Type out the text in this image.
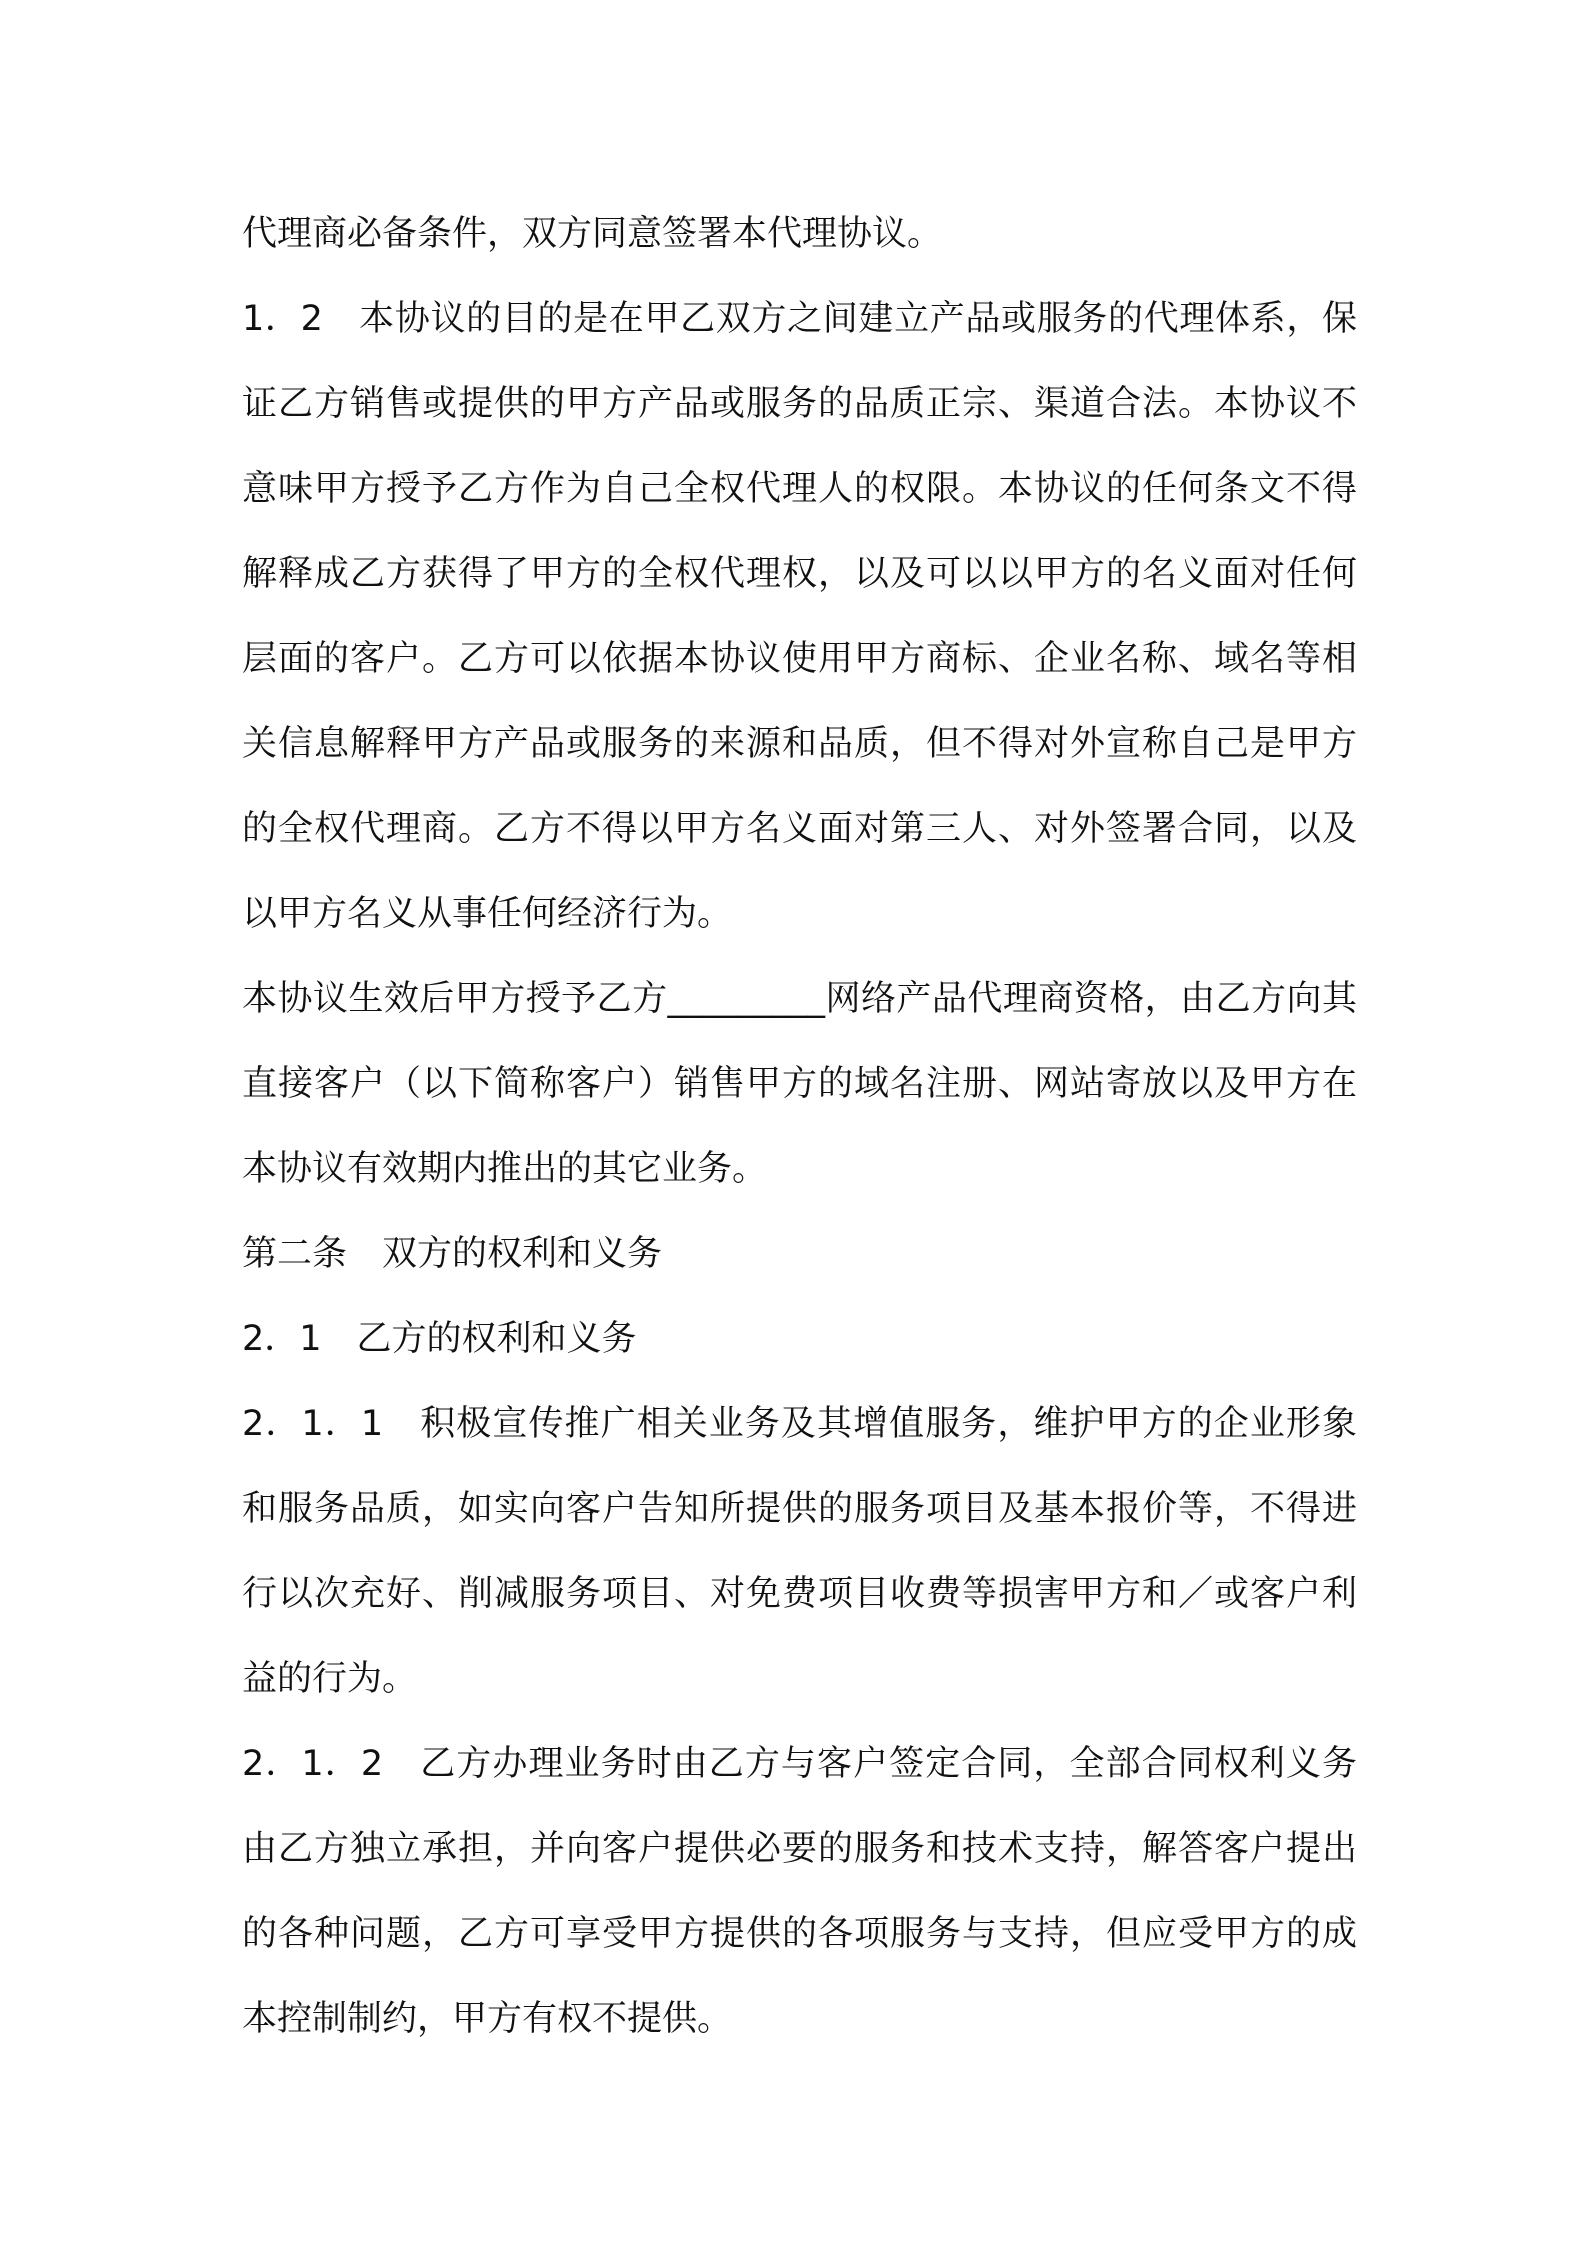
代理商必备条件，双方同意签署本代理协议。

1．2　本协议的目的是在甲乙双方之间建立产品或服务的代理体系，保证乙方销售或提供的甲方产品或服务的品质正宗、渠道合法。本协议不意味甲方授予乙方作为自己全权代理人的权限。本协议的任何条文不得解释成乙方获得了甲方的全权代理权，以及可以以甲方的名义面对任何层面的客户。乙方可以依据本协议使用甲方商标、企业名称、域名等相关信息解释甲方产品或服务的来源和品质，但不得对外宣称自己是甲方的全权代理商。乙方不得以甲方名义面对第三人、对外签署合同，以及以甲方名义从事任何经济行为。

本协议生效后甲方授予乙方_________网络产品代理商资格，由乙方向其直接客户（以下简称客户）销售甲方的域名注册、网站寄放以及甲方在本协议有效期内推出的其它业务。

第二条　双方的权利和义务

2．1　乙方的权利和义务

2．1．1　积极宣传推广相关业务及其增值服务，维护甲方的企业形象和服务品质，如实向客户告知所提供的服务项目及基本报价等，不得进行以次充好、削减服务项目、对免费项目收费等损害甲方和／或客户利益的行为。

2．1．2　乙方办理业务时由乙方与客户签定合同，全部合同权利义务由乙方独立承担，并向客户提供必要的服务和技术支持，解答客户提出的各种问题，乙方可享受甲方提供的各项服务与支持，但应受甲方的成本控制制约，甲方有权不提供。
